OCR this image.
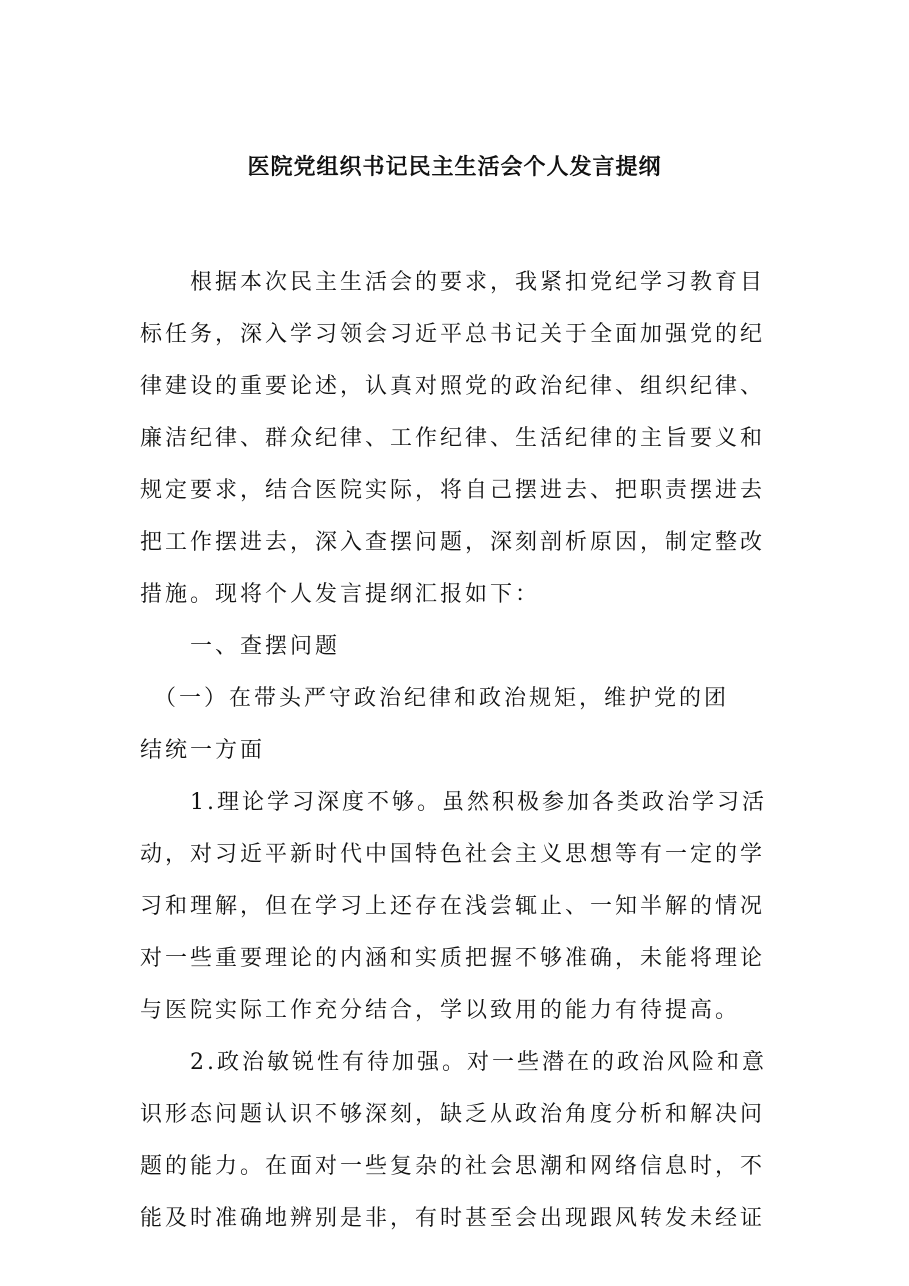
医院党组织书记民主生活会个人发言提纲
　　根据本次民主生活会的要求，我紧扣党纪学习教育目
标任务，深入学习领会习近平总书记关于全面加强党的纪
律建设的重要论述，认真对照党的政治纪律、组织纪律、
廉洁纪律、群众纪律、工作纪律、生活纪律的主旨要义和
规定要求，结合医院实际，将自己摆进去、把职责摆进去
把工作摆进去，深入查摆问题，深刻剖析原因，制定整改
措施。现将个人发言提纲汇报如下：
　　一、查摆问题
　（一）在带头严守政治纪律和政治规矩，维护党的团
结统一方面
　　1.理论学习深度不够。虽然积极参加各类政治学习活
动，对习近平新时代中国特色社会主义思想等有一定的学
习和理解，但在学习上还存在浅尝辄止、一知半解的情况
对一些重要理论的内涵和实质把握不够准确，未能将理论
与医院实际工作充分结合，学以致用的能力有待提高。
　　2.政治敏锐性有待加强。对一些潜在的政治风险和意
识形态问题认识不够深刻，缺乏从政治角度分析和解决问
题的能力。在面对一些复杂的社会思潮和网络信息时，不
能及时准确地辨别是非，有时甚至会出现跟风转发未经证
